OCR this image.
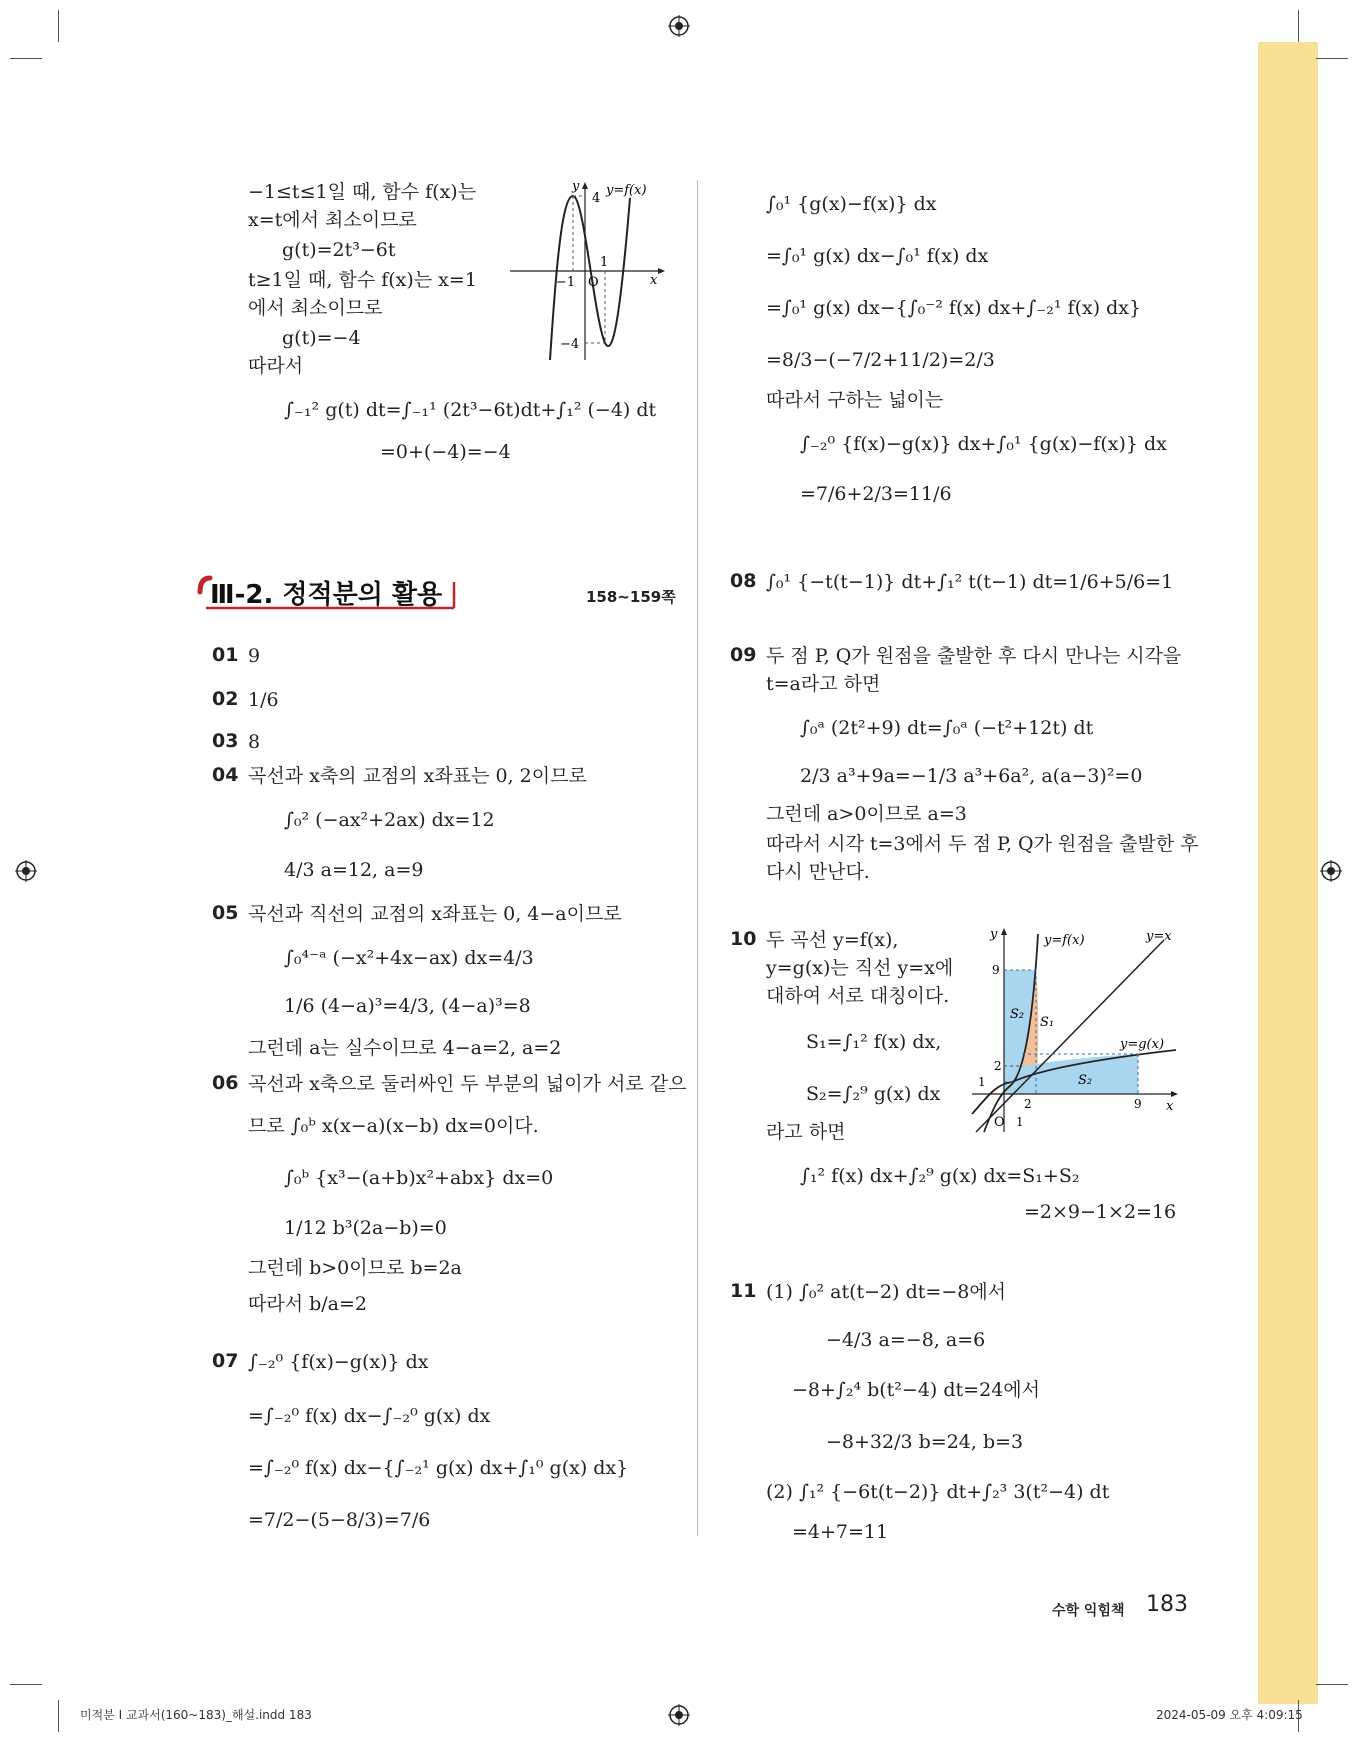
−1≤t≤1일 때, 함수 f(x)는
x=t에서 최소이므로
g(t)=2t³−6t
t≥1일 때, 함수 f(x)는 x=1
에서 최소이므로
g(t)=−4
따라서
∫₋₁² g(t) dt=∫₋₁¹ (2t³−6t)dt+∫₁² (−4) dt
=0+(−4)=−4
y
4
y=f(x)
x
O
−1
1
−4
∫₀¹ {g(x)−f(x)} dx
=∫₀¹ g(x) dx−∫₀¹ f(x) dx
=∫₀¹ g(x) dx−{∫₀⁻² f(x) dx+∫₋₂¹ f(x) dx}
=8/3−(−7/2+11/2)=2/3
따라서 구하는 넓이는
∫₋₂⁰ {f(x)−g(x)} dx+∫₀¹ {g(x)−f(x)} dx
=7/6+2/3=11/6
Ⅲ-2. 정적분의 활용	158~159쪽
01 9
02 1/6
03 8
04 곡선과 x축의 교점의 x좌표는 0, 2이므로
∫₀² (−ax²+2ax) dx=12
4/3 a=12, a=9
05 곡선과 직선의 교점의 x좌표는 0, 4−a이므로
∫₀⁴⁻ᵃ (−x²+4x−ax) dx=4/3
1/6 (4−a)³=4/3, (4−a)³=8
그런데 a는 실수이므로 4−a=2, a=2
06 곡선과 x축으로 둘러싸인 두 부분의 넓이가 서로 같으
므로 ∫₀ᵇ x(x−a)(x−b) dx=0이다.
∫₀ᵇ {x³−(a+b)x²+abx} dx=0
1/12 b³(2a−b)=0
그런데 b>0이므로 b=2a
따라서 b/a=2
07 ∫₋₂⁰ {f(x)−g(x)} dx
=∫₋₂⁰ f(x) dx−∫₋₂⁰ g(x) dx
=∫₋₂⁰ f(x) dx−{∫₋₂¹ g(x) dx+∫₁⁰ g(x) dx}
=7/2−(5−8/3)=7/6
08 ∫₀¹ {−t(t−1)} dt+∫₁² t(t−1) dt=1/6+5/6=1
09 두 점 P, Q가 원점을 출발한 후 다시 만나는 시각을
t=a라고 하면
∫₀ᵃ (2t²+9) dt=∫₀ᵃ (−t²+12t) dt
2/3 a³+9a=−1/3 a³+6a², a(a−3)²=0
그런데 a>0이므로 a=3
따라서 시각 t=3에서 두 점 P, Q가 원점을 출발한 후
다시 만난다.
10 두 곡선 y=f(x),
y=g(x)는 직선 y=x에
대하여 서로 대칭이다.
S₁=∫₁² f(x) dx,
S₂=∫₂⁹ g(x) dx
라고 하면
∫₁² f(x) dx+∫₂⁹ g(x) dx=S₁+S₂
=2×9−1×2=16
y	y=f(x)	y=x
y=g(x)
x
9
2
1
2	9
1
O
S₂
S₁
S₂
11 (1) ∫₀² at(t−2) dt=−8에서
−4/3 a=−8, a=6
−8+∫₂⁴ b(t²−4) dt=24에서
−8+32/3 b=24, b=3
(2) ∫₁² {−6t(t−2)} dt+∫₂³ 3(t²−4) dt
=4+7=11
수학 익힘책 183
미적분 I 교과서(160~183)_해설.indd 183	2024-05-09 오후 4:09:15
